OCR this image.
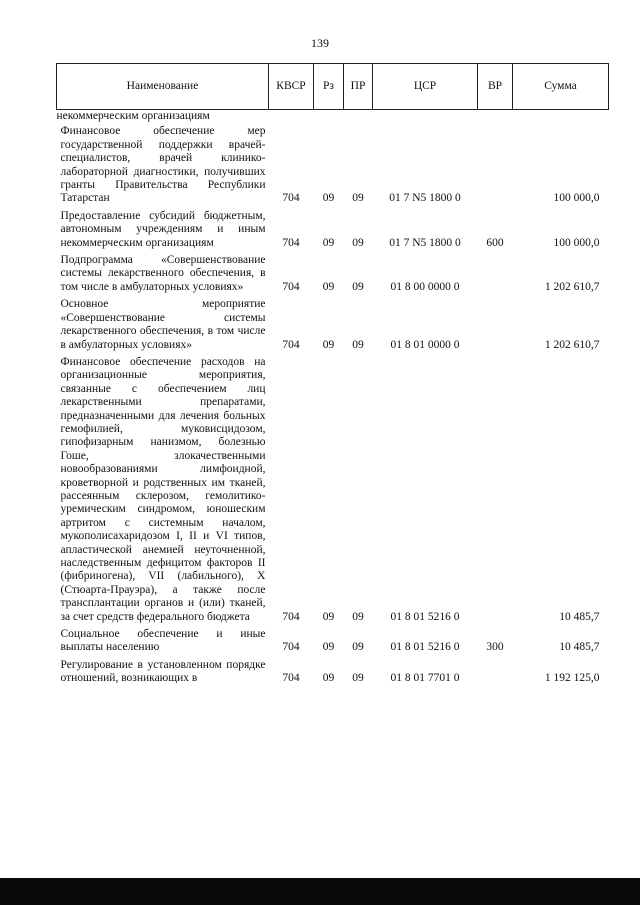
139
Наименование	КВСР	Рз	ПР	ЦСР	ВР	Сумма
некоммерческим организациям						
Финансовое обеспечение мер государственной поддержки врачей-специалистов, врачей клинико-лабораторной диагностики, получивших гранты Правительства Республики Татарстан	704	09	09	01 7 N5 1800 0		100 000,0
Предоставление субсидий бюджетным, автономным учреждениям и иным некоммерческим организациям	704	09	09	01 7 N5 1800 0	600	100 000,0
Подпрограмма «Совершенствование системы лекарственного обеспечения, в том числе в амбулаторных условиях»	704	09	09	01 8 00 0000 0		1 202 610,7
Основное мероприятие «Совершенствование системы лекарственного обеспечения, в том числе в амбулаторных условиях»	704	09	09	01 8 01 0000 0		1 202 610,7
Финансовое обеспечение расходов на организационные мероприятия, связанные с обеспечением лиц лекарственными препаратами, предназначенными для лечения больных гемофилией, муковисцидозом, гипофизарным нанизмом, болезнью Гоше, злокачественными новообразованиями лимфоидной, кроветворной и родственных им тканей, рассеянным склерозом, гемолитико-уремическим синдромом, юношеским артритом с системным началом, мукополисахаридозом I, II и VI типов, апластической анемией неуточненной, наследственным дефицитом факторов II (фибриногена), VII (лабильного), X (Стюарта-Прауэра), а также после трансплантации органов и (или) тканей, за счет средств федерального бюджета	704	09	09	01 8 01 5216 0		10 485,7
Социальное обеспечение и иные выплаты населению	704	09	09	01 8 01 5216 0	300	10 485,7
Регулирование в установленном порядке отношений, возникающих в	704	09	09	01 8 01 7701 0		1 192 125,0
